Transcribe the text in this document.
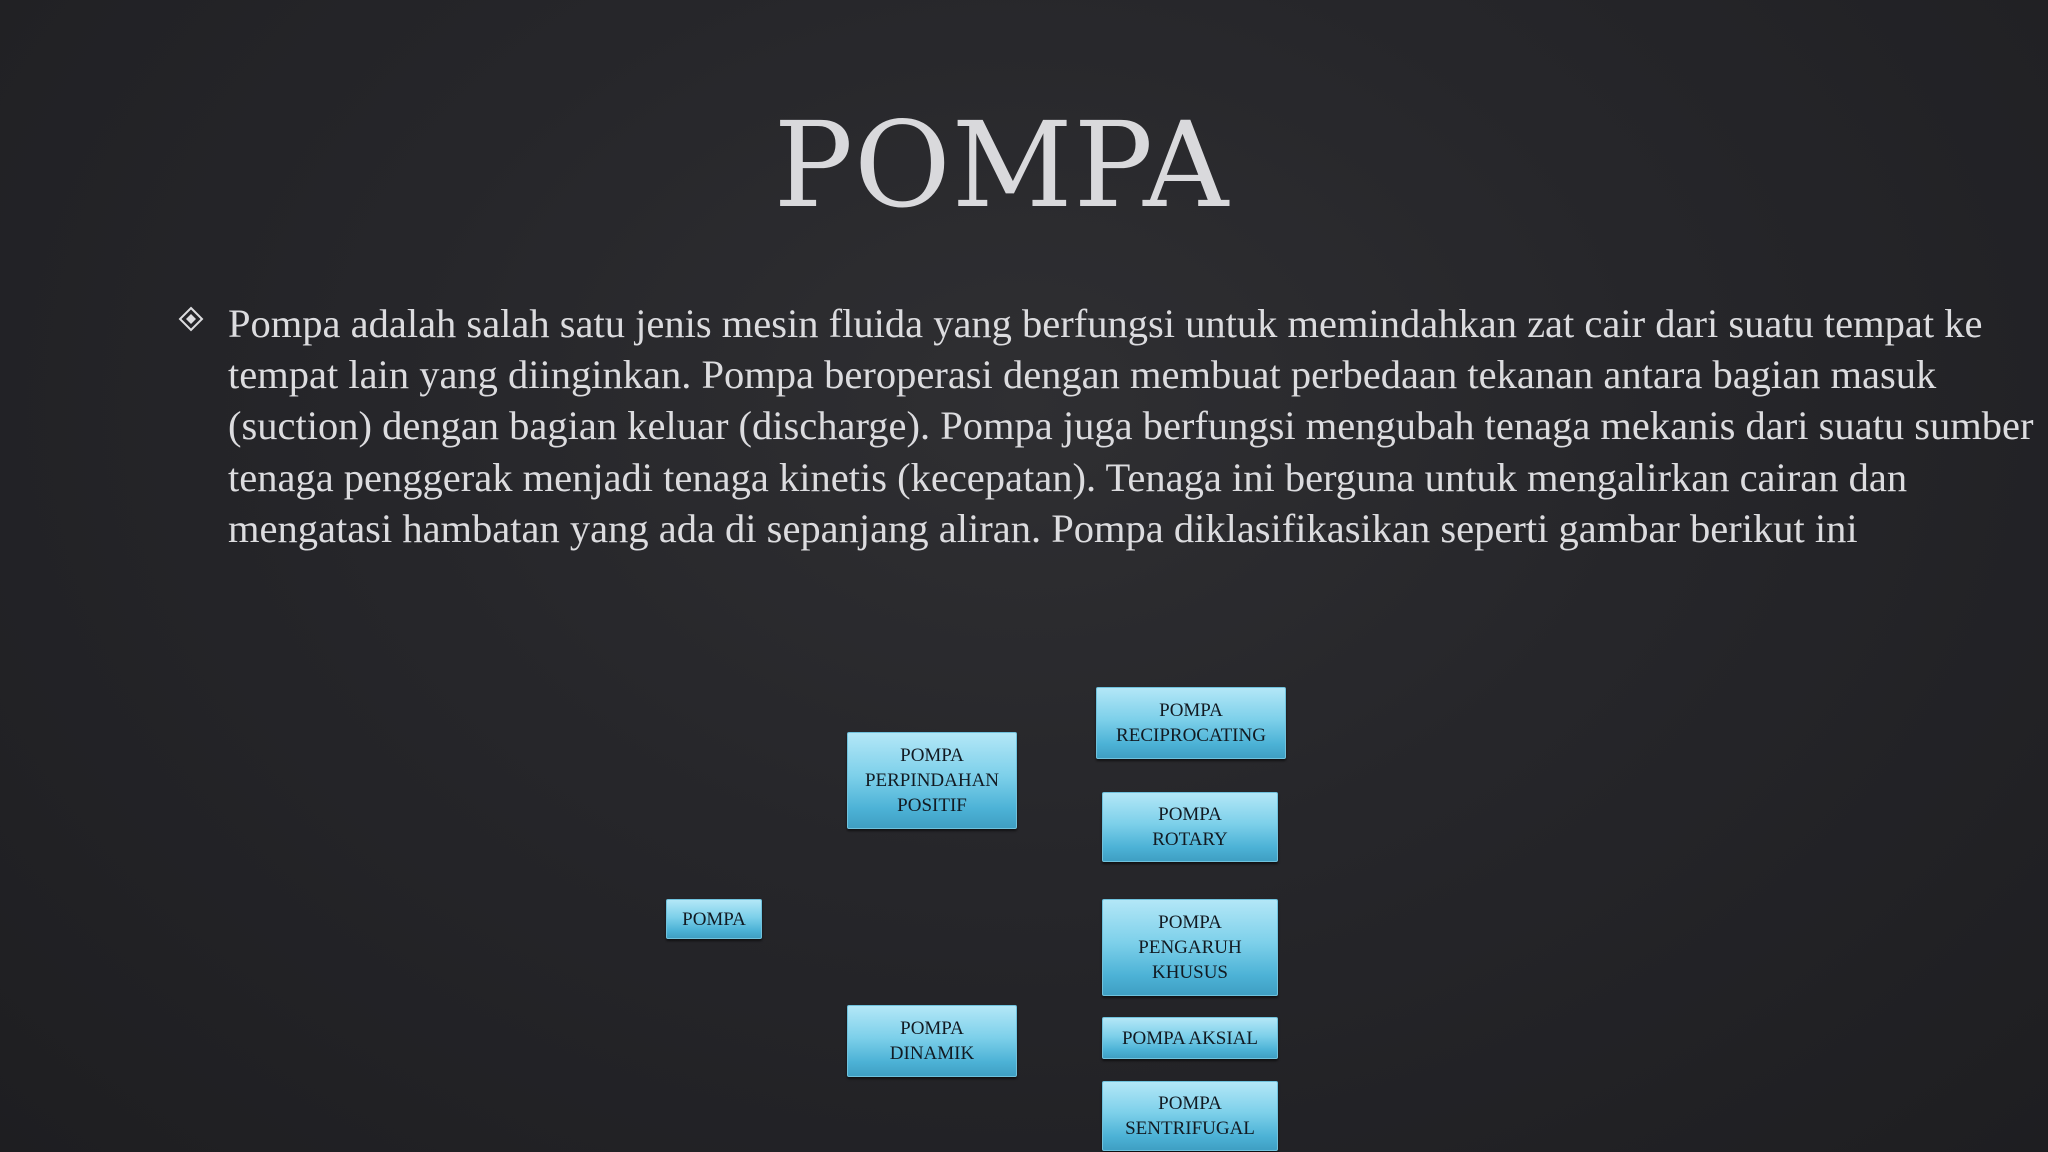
POMPA

Pompa adalah salah satu jenis mesin fluida yang berfungsi untuk memindahkan zat cair dari suatu tempat ke tempat lain yang diinginkan. Pompa beroperasi dengan membuat perbedaan tekanan antara bagian masuk (suction) dengan bagian keluar (discharge). Pompa juga berfungsi mengubah tenaga mekanis dari suatu sumber tenaga penggerak menjadi tenaga kinetis (kecepatan). Tenaga ini berguna untuk mengalirkan cairan dan mengatasi hambatan yang ada di sepanjang aliran. Pompa diklasifikasikan seperti gambar berikut ini

POMPA
POMPA PERPINDAHAN POSITIF
POMPA DINAMIK
POMPA RECIPROCATING
POMPA ROTARY
POMPA PENGARUH KHUSUS
POMPA AKSIAL
POMPA SENTRIFUGAL
